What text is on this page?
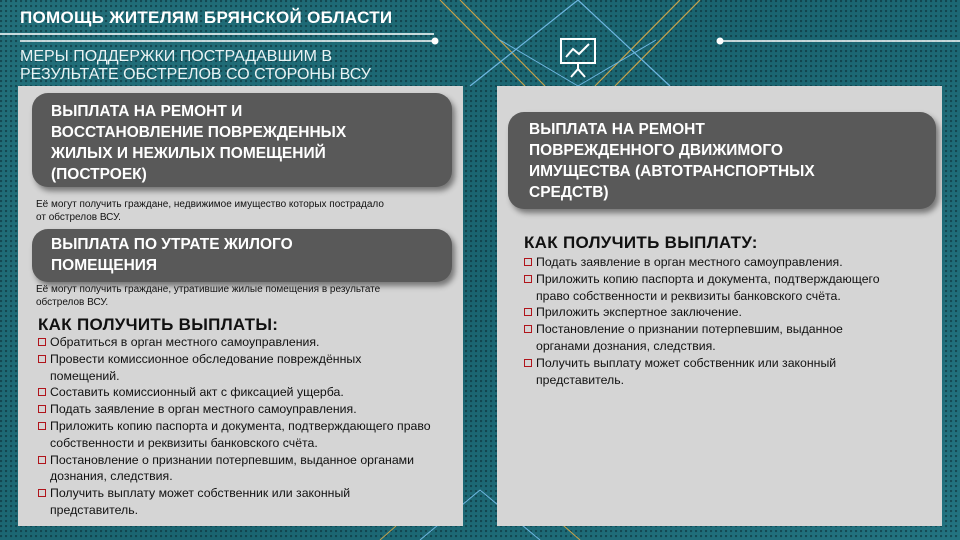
ПОМОЩЬ ЖИТЕЛЯМ БРЯНСКОЙ ОБЛАСТИ
МЕРЫ ПОДДЕРЖКИ ПОСТРАДАВШИМ В
РЕЗУЛЬТАТЕ ОБСТРЕЛОВ СО СТОРОНЫ ВСУ
ВЫПЛАТА НА РЕМОНТ И
ВОССТАНОВЛЕНИЕ ПОВРЕЖДЕННЫХ
ЖИЛЫХ И НЕЖИЛЫХ ПОМЕЩЕНИЙ
(ПОСТРОЕК)
Её могут получить граждане, недвижимое имущество которых пострадало
от обстрелов ВСУ.
ВЫПЛАТА ПО УТРАТЕ ЖИЛОГО
ПОМЕЩЕНИЯ
Её могут получить граждане, утратившие жилые помещения в результате
обстрелов ВСУ.
КАК ПОЛУЧИТЬ ВЫПЛАТЫ:
Обратиться в орган местного самоуправления.
Провести комиссионное обследование повреждённых
помещений.
Составить комиссионный акт с фиксацией ущерба.
Подать заявление в орган местного самоуправления.
Приложить копию паспорта и документа, подтверждающего право
собственности и реквизиты банковского счёта.
Постановление о признании потерпевшим, выданное органами
дознания, следствия.
Получить выплату может собственник или законный
представитель.
ВЫПЛАТА НА РЕМОНТ
ПОВРЕЖДЕННОГО ДВИЖИМОГО
ИМУЩЕСТВА (АВТОТРАНСПОРТНЫХ
СРЕДСТВ)
КАК ПОЛУЧИТЬ ВЫПЛАТУ:
Подать заявление в орган местного самоуправления.
Приложить копию паспорта и документа, подтверждающего
право собственности и реквизиты банковского счёта.
Приложить экспертное заключение.
Постановление о признании потерпевшим, выданное
органами дознания, следствия.
Получить выплату может собственник или законный
представитель.
